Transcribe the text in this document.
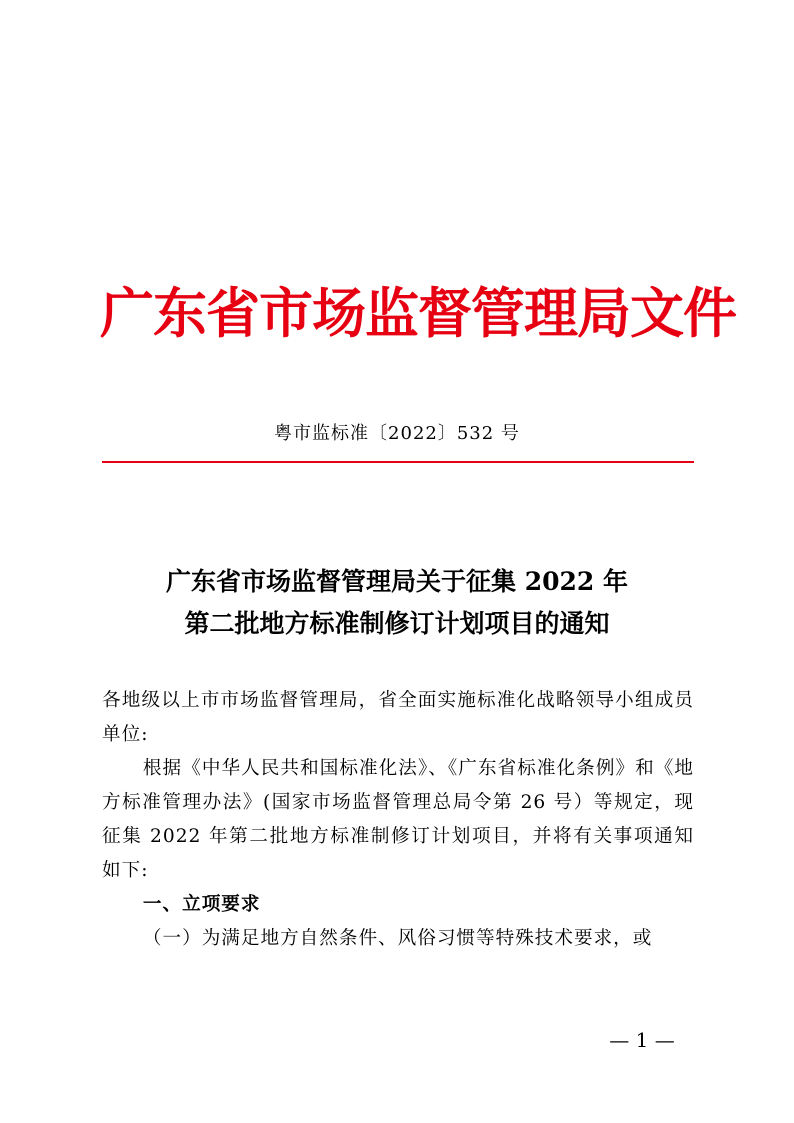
广东省市场监督管理局文件
粤市监标准〔2022〕532 号
广东省市场监督管理局关于征集 2022 年
第二批地方标准制修订计划项目的通知

各地级以上市市场监督管理局，省全面实施标准化战略领导小组成员单位:

根据《中华人民共和国标准化法》、《广东省标准化条例》和《地方标准管理办法》(国家市场监督管理总局令第 26 号）等规定，现征集 2022 年第二批地方标准制修订计划项目，并将有关事项通知如下:

一、立项要求

（一）为满足地方自然条件、风俗习惯等特殊技术要求，或

— 1 —
